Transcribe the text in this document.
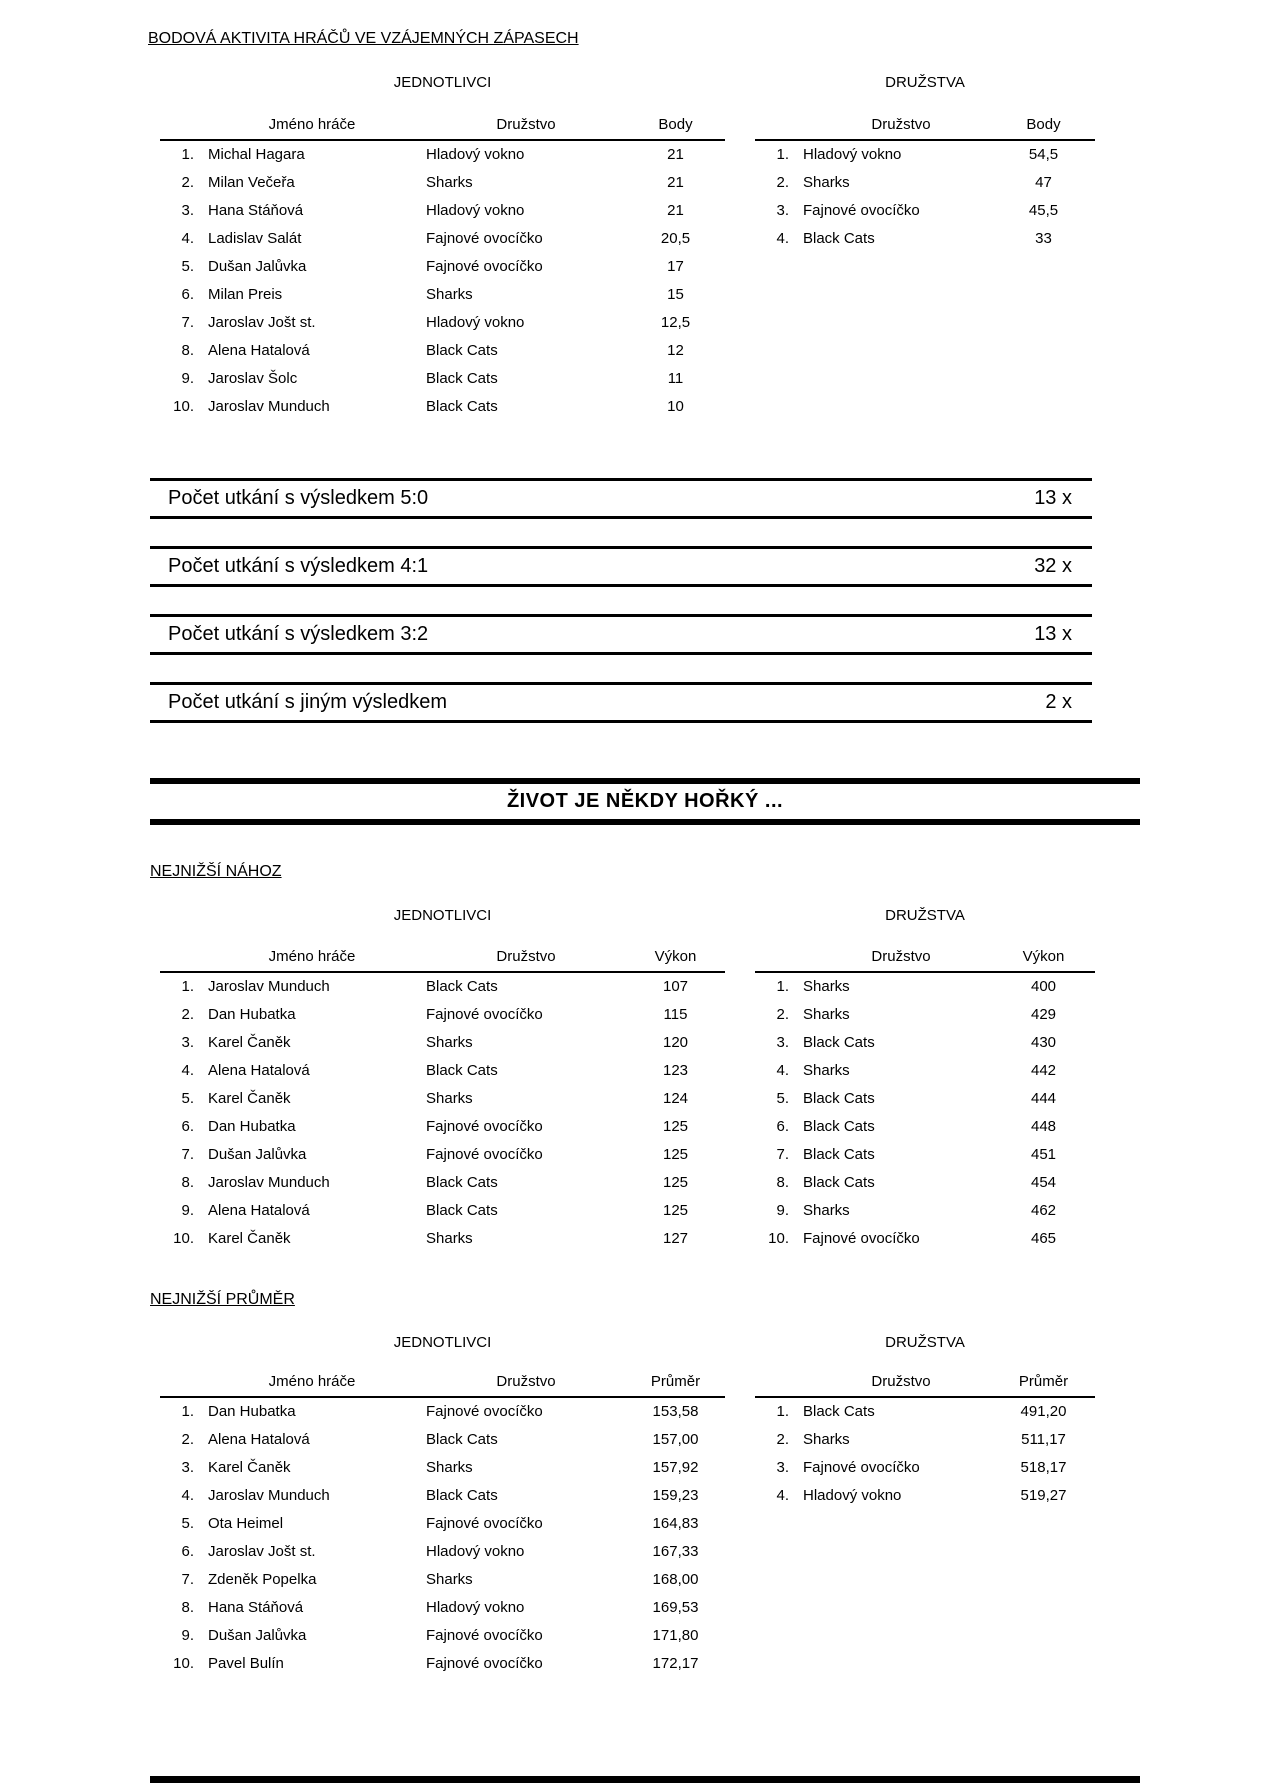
BODOVÁ AKTIVITA HRÁČŮ VE VZÁJEMNÝCH ZÁPASECH
JEDNOTLIVCI	DRUŽSTVA
Jméno hráče		Družstvo	Body
1.	Michal Hagara	Hladový vokno	21
2.	Milan Večeřa	Sharks	21
3.	Hana Stáňová	Hladový vokno	21
4.	Ladislav Salát	Fajnové ovocíčko	20,5
5.	Dušan Jalůvka	Fajnové ovocíčko	17
6.	Milan Preis	Sharks	15
7.	Jaroslav Jošt st.	Hladový vokno	12,5
8.	Alena Hatalová	Black Cats	12
9.	Jaroslav Šolc	Black Cats	11
10.	Jaroslav Munduch	Black Cats	10
Družstvo		Body
1.	Hladový vokno	54,5
2.	Sharks	47
3.	Fajnové ovocíčko	45,5
4.	Black Cats	33
Počet utkání s výsledkem 5:0	13 x
Počet utkání s výsledkem 4:1	32 x
Počet utkání s výsledkem 3:2	13 x
Počet utkání s jiným výsledkem	2 x
ŽIVOT JE NĚKDY HOŘKÝ ...
NEJNIŽŠÍ NÁHOZ
JEDNOTLIVCI	DRUŽSTVA
Jméno hráče		Družstvo	Výkon
1.	Jaroslav Munduch	Black Cats	107
2.	Dan Hubatka	Fajnové ovocíčko	115
3.	Karel Čaněk	Sharks	120
4.	Alena Hatalová	Black Cats	123
5.	Karel Čaněk	Sharks	124
6.	Dan Hubatka	Fajnové ovocíčko	125
7.	Dušan Jalůvka	Fajnové ovocíčko	125
8.	Jaroslav Munduch	Black Cats	125
9.	Alena Hatalová	Black Cats	125
10.	Karel Čaněk	Sharks	127
Družstvo		Výkon
1.	Sharks	400
2.	Sharks	429
3.	Black Cats	430
4.	Sharks	442
5.	Black Cats	444
6.	Black Cats	448
7.	Black Cats	451
8.	Black Cats	454
9.	Sharks	462
10.	Fajnové ovocíčko	465
NEJNIŽŠÍ PRŮMĚR
JEDNOTLIVCI	DRUŽSTVA
Jméno hráče		Družstvo	Průměr
1.	Dan Hubatka	Fajnové ovocíčko	153,58
2.	Alena Hatalová	Black Cats	157,00
3.	Karel Čaněk	Sharks	157,92
4.	Jaroslav Munduch	Black Cats	159,23
5.	Ota Heimel	Fajnové ovocíčko	164,83
6.	Jaroslav Jošt st.	Hladový vokno	167,33
7.	Zdeněk Popelka	Sharks	168,00
8.	Hana Stáňová	Hladový vokno	169,53
9.	Dušan Jalůvka	Fajnové ovocíčko	171,80
10.	Pavel Bulín	Fajnové ovocíčko	172,17
Družstvo		Průměr
1.	Black Cats	491,20
2.	Sharks	511,17
3.	Fajnové ovocíčko	518,17
4.	Hladový vokno	519,27
